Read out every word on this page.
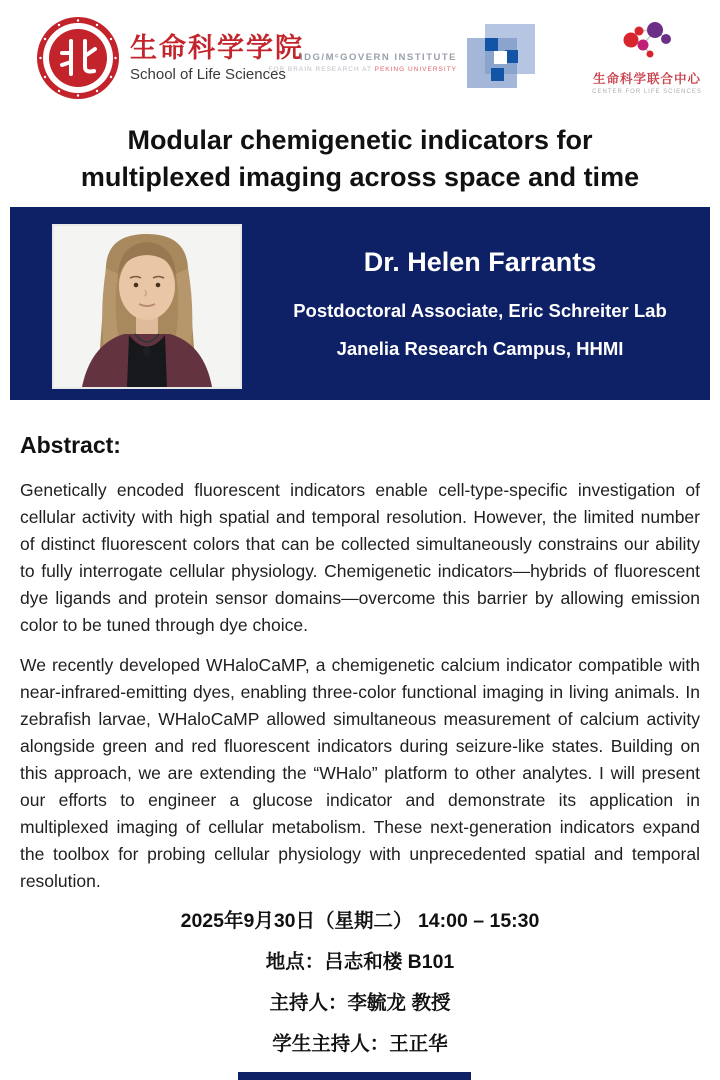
生命科学学院
School of Life Sciences
IDG/MᶜGOVERN INSTITUTE
FOR BRAIN RESEARCH AT PEKING UNIVERSITY
生命科学联合中心
CENTER FOR LIFE SCIENCES
Modular chemigenetic indicators for
multiplexed imaging across space and time
Dr. Helen Farrants
Postdoctoral Associate, Eric Schreiter Lab
Janelia Research Campus, HHMI
Abstract:

Genetically encoded fluorescent indicators enable cell-type-specific investigation of cellular activity with high spatial and temporal resolution. However, the limited number of distinct fluorescent colors that can be collected simultaneously constrains our ability to fully interrogate cellular physiology. Chemigenetic indicators—hybrids of fluorescent dye ligands and protein sensor domains—overcome this barrier by allowing emission color to be tuned through dye choice.

We recently developed WHaloCaMP, a chemigenetic calcium indicator compatible with near-infrared-emitting dyes, enabling three-color functional imaging in living animals. In zebrafish larvae, WHaloCaMP allowed simultaneous measurement of calcium activity alongside green and red fluorescent indicators during seizure-like states. Building on this approach, we are extending the “WHalo” platform to other analytes. I will present our efforts to engineer a glucose indicator and demonstrate its application in multiplexed imaging of cellular metabolism. These next-generation indicators expand the toolbox for probing cellular physiology with unprecedented spatial and temporal resolution.

2025年9月30日（星期二） 14:00 – 15:30
地点：吕志和楼 B101
主持人：李毓龙 教授
学生主持人：王正华
